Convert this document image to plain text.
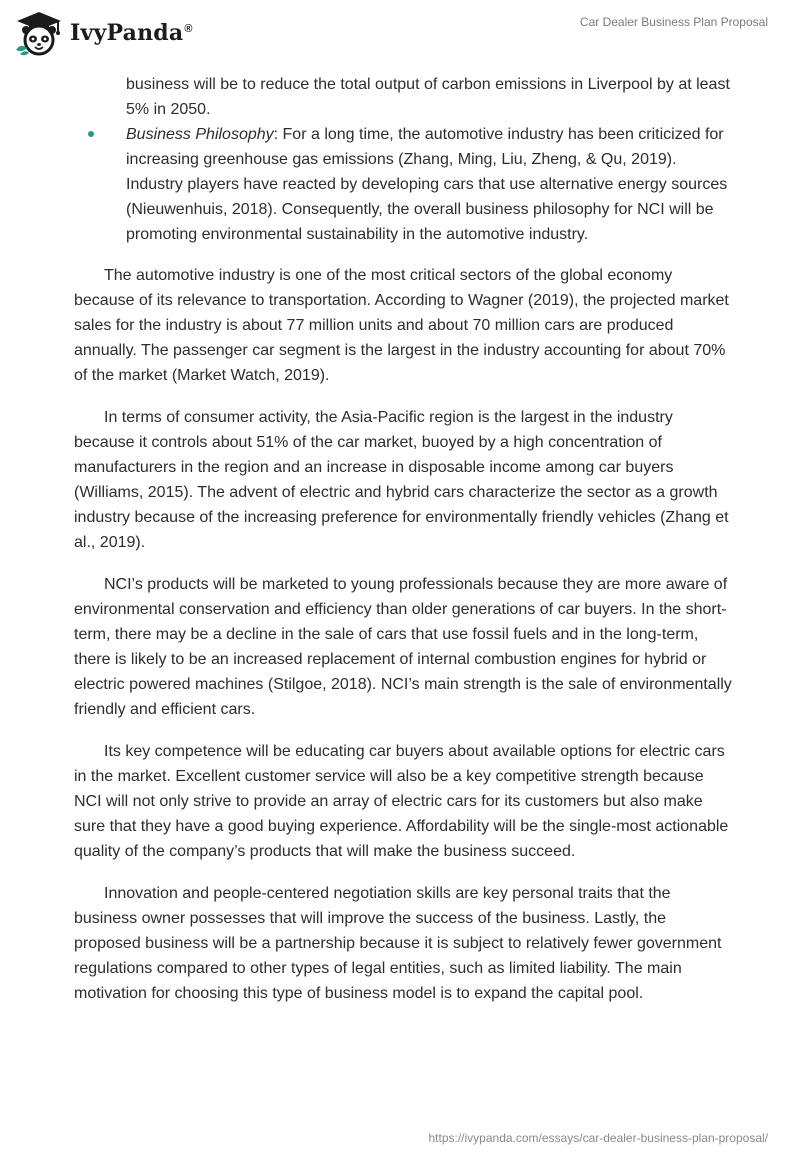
IvyPanda®	Car Dealer Business Plan Proposal
business will be to reduce the total output of carbon emissions in Liverpool by at least 5% in 2050.
Business Philosophy: For a long time, the automotive industry has been criticized for increasing greenhouse gas emissions (Zhang, Ming, Liu, Zheng, & Qu, 2019). Industry players have reacted by developing cars that use alternative energy sources (Nieuwenhuis, 2018). Consequently, the overall business philosophy for NCI will be promoting environmental sustainability in the automotive industry.

The automotive industry is one of the most critical sectors of the global economy because of its relevance to transportation. According to Wagner (2019), the projected market sales for the industry is about 77 million units and about 70 million cars are produced annually. The passenger car segment is the largest in the industry accounting for about 70% of the market (Market Watch, 2019).

In terms of consumer activity, the Asia-Pacific region is the largest in the industry because it controls about 51% of the car market, buoyed by a high concentration of manufacturers in the region and an increase in disposable income among car buyers (Williams, 2015). The advent of electric and hybrid cars characterize the sector as a growth industry because of the increasing preference for environmentally friendly vehicles (Zhang et al., 2019).

NCI’s products will be marketed to young professionals because they are more aware of environmental conservation and efficiency than older generations of car buyers. In the short-term, there may be a decline in the sale of cars that use fossil fuels and in the long-term, there is likely to be an increased replacement of internal combustion engines for hybrid or electric powered machines (Stilgoe, 2018). NCI’s main strength is the sale of environmentally friendly and efficient cars.

Its key competence will be educating car buyers about available options for electric cars in the market. Excellent customer service will also be a key competitive strength because NCI will not only strive to provide an array of electric cars for its customers but also make sure that they have a good buying experience. Affordability will be the single-most actionable quality of the company’s products that will make the business succeed.

Innovation and people-centered negotiation skills are key personal traits that the business owner possesses that will improve the success of the business. Lastly, the proposed business will be a partnership because it is subject to relatively fewer government regulations compared to other types of legal entities, such as limited liability. The main motivation for choosing this type of business model is to expand the capital pool.

https://ivypanda.com/essays/car-dealer-business-plan-proposal/
